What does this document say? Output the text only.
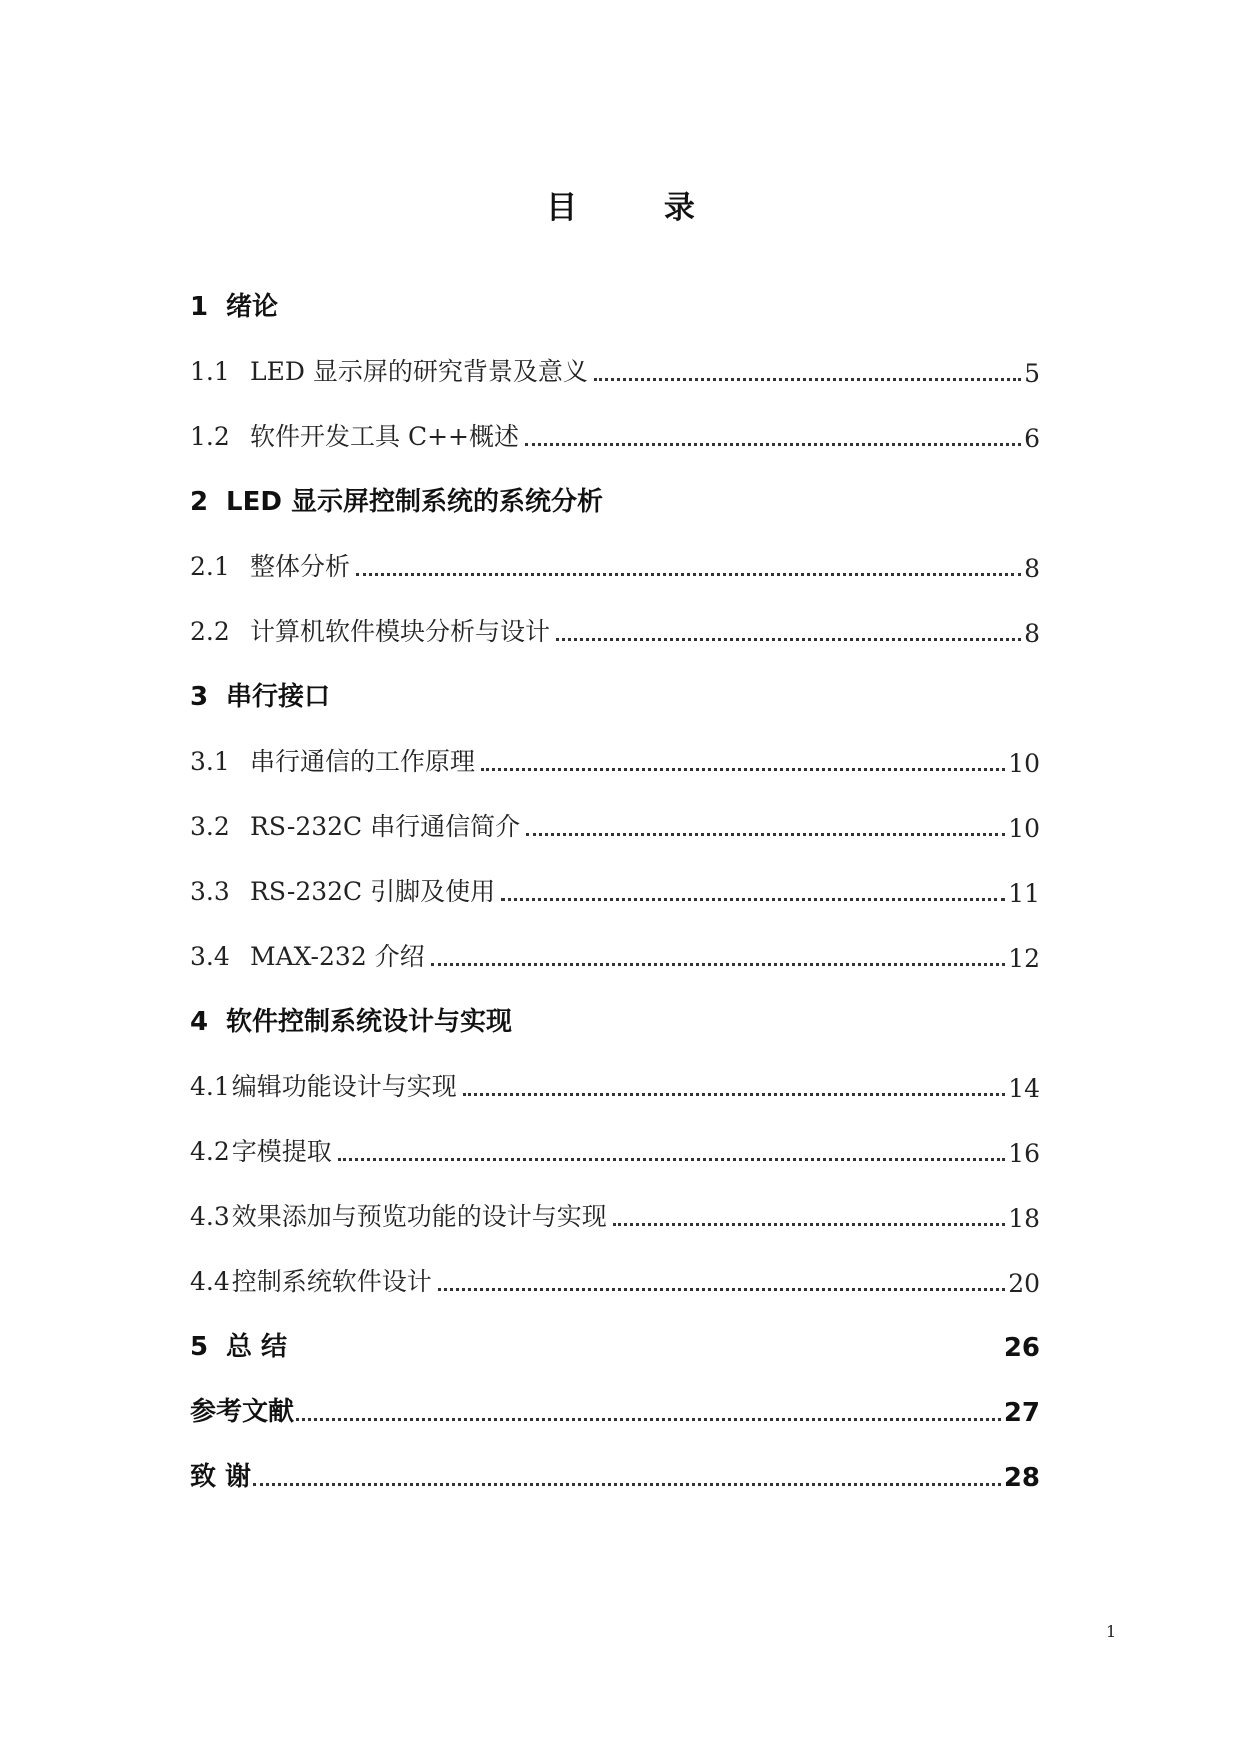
目 录
1 绪论
1.1 LED 显示屏的研究背景及意义	5
1.2 软件开发工具 C++概述	6
2 LED 显示屏控制系统的系统分析
2.1 整体分析	8
2.2 计算机软件模块分析与设计	8
3 串行接口
3.1 串行通信的工作原理	10
3.2 RS-232C 串行通信简介	10
3.3 RS-232C 引脚及使用	11
3.4 MAX-232 介绍	12
4 软件控制系统设计与实现
4.1编辑功能设计与实现	14
4.2字模提取	16
4.3效果添加与预览功能的设计与实现	18
4.4控制系统软件设计	20
5 总 结	26
参考文献	27
致 谢	28
1
